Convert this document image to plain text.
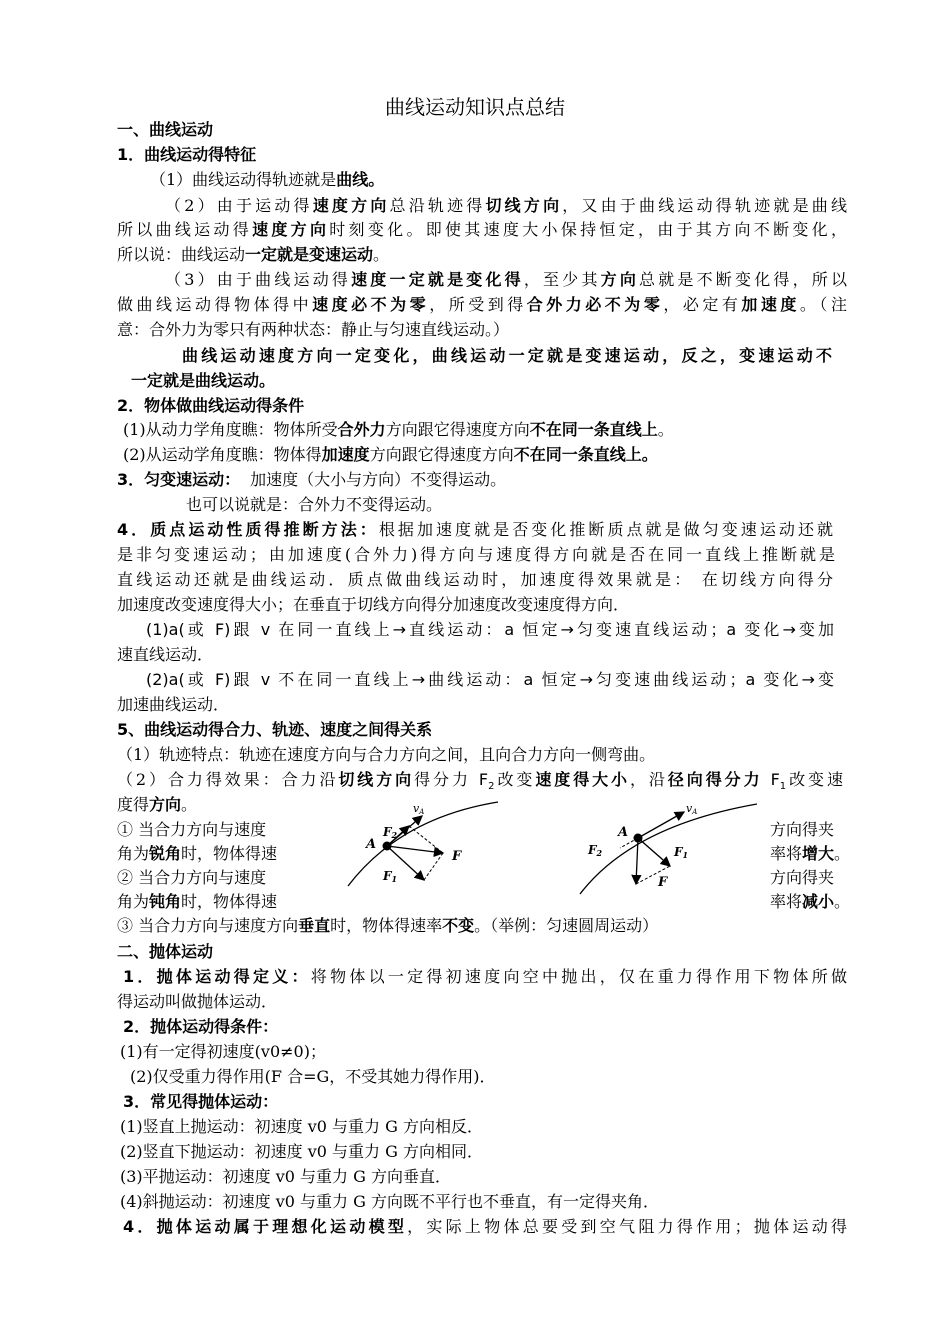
曲线运动知识点总结
一、曲线运动
1．曲线运动得特征
（1）曲线运动得轨迹就是曲线。
（2）由于运动得速度方向总沿轨迹得切线方向，又由于曲线运动得轨迹就是曲线
所以曲线运动得速度方向时刻变化。即使其速度大小保持恒定，由于其方向不断变化，
所以说：曲线运动一定就是变速运动。
（3）由于曲线运动得速度一定就是变化得，至少其方向总就是不断变化得，所以
做曲线运动得物体得中速度必不为零，所受到得合外力必不为零，必定有加速度。（注
意：合外力为零只有两种状态：静止与匀速直线运动。）
曲线运动速度方向一定变化，曲线运动一定就是变速运动，反之，变速运动不
一定就是曲线运动。
2．物体做曲线运动得条件
(1)从动力学角度瞧：物体所受合外力方向跟它得速度方向不在同一条直线上。
(2)从运动学角度瞧：物体得加速度方向跟它得速度方向不在同一条直线上。
3．匀变速运动： 加速度（大小与方向）不变得运动。
也可以说就是：合外力不变得运动。
4．质点运动性质得推断方法：根据加速度就是否变化推断质点就是做匀变速运动还就
是非匀变速运动；由加速度(合外力)得方向与速度得方向就是否在同一直线上推断就是
直线运动还就是曲线运动．质点做曲线运动时，加速度得效果就是： 在切线方向得分
加速度改变速度得大小；在垂直于切线方向得分加速度改变速度得方向．
(1)a(或 F)跟 v 在同一直线上→直线运动：a 恒定→匀变速直线运动；a 变化→变加
速直线运动．
(2)a(或 F)跟 v 不在同一直线上→曲线运动：a 恒定→匀变速曲线运动；a 变化→变
加速曲线运动．
5、曲线运动得合力、轨迹、速度之间得关系
（1）轨迹特点：轨迹在速度方向与合力方向之间，且向合力方向一侧弯曲。
（2）合力得效果：合力沿切线方向得分力 $F_2$改变速度得大小，沿径向得分力 $F_1$改变速
度得方向。
① 当合力方向与速度
角为锐角时，物体得速
② 当合力方向与速度
角为钝角时，物体得速
方向得夹
率将增大。
方向得夹
率将减小。
vA
A
F
F2
F1
vA
A
F
F1
F2
③ 当合力方向与速度方向垂直时，物体得速率不变。（举例：匀速圆周运动）
二、抛体运动
1．抛体运动得定义：将物体以一定得初速度向空中抛出，仅在重力得作用下物体所做
得运动叫做抛体运动．
2．抛体运动得条件：
(1)有一定得初速度(v0≠0)；
(2)仅受重力得作用(F 合=G，不受其她力得作用)．
3．常见得抛体运动：
(1)竖直上抛运动：初速度 v0 与重力 G 方向相反．
(2)竖直下抛运动：初速度 v0 与重力 G 方向相同．
(3)平抛运动：初速度 v0 与重力 G 方向垂直．
(4)斜抛运动：初速度 v0 与重力 G 方向既不平行也不垂直，有一定得夹角．
4．抛体运动属于理想化运动模型，实际上物体总要受到空气阻力得作用；抛体运动得
